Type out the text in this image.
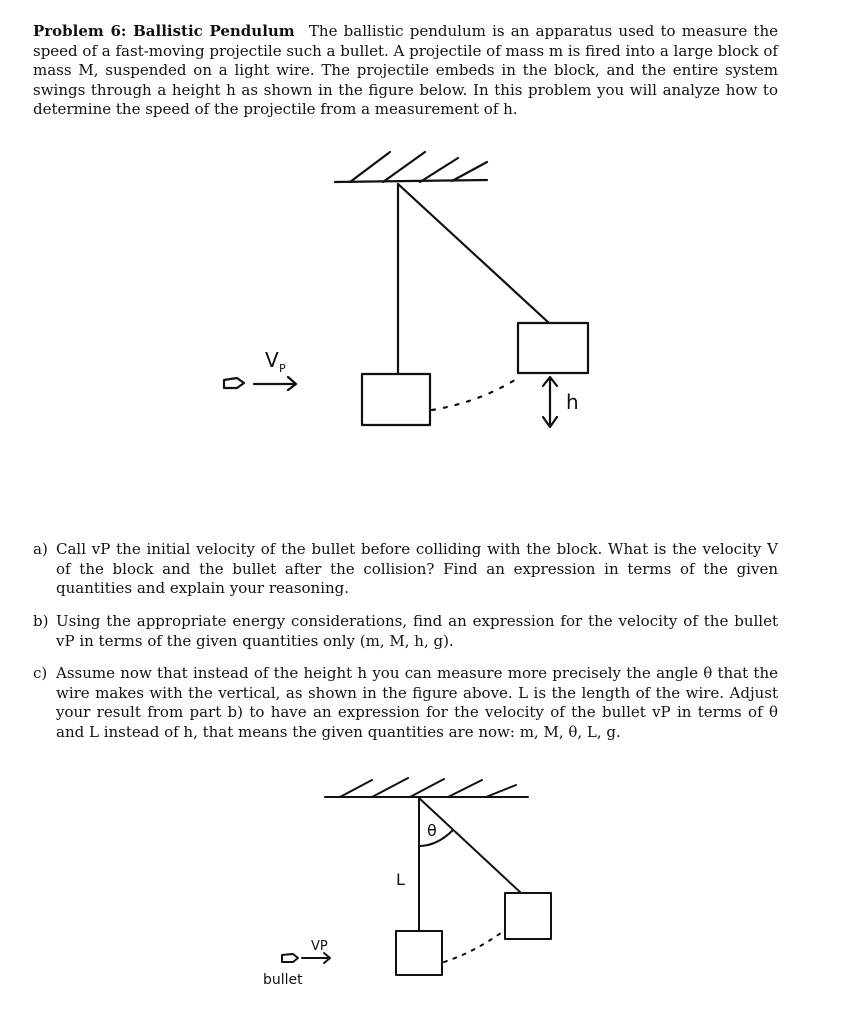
Problem 6: Ballistic Pendulum The ballistic pendulum is an apparatus used to measure the speed of a fast-moving projectile such a bullet. A projectile of mass m is fired into a large block of mass M, suspended on a light wire. The projectile embeds in the block, and the entire system swings through a height h as shown in the figure below. In this problem you will analyze how to determine the speed of the projectile from a measurement of h.
V P
h
a) Call vP the initial velocity of the bullet before colliding with the block. What is the velocity V of the block and the bullet after the collision? Find an expression in terms of the given quantities and explain your reasoning.
b) Using the appropriate energy considerations, find an expression for the velocity of the bullet vP in terms of the given quantities only (m, M, h, g).
c) Assume now that instead of the height h you can measure more precisely the angle θ that the wire makes with the vertical, as shown in the figure above. L is the length of the wire. Adjust your result from part b) to have an expression for the velocity of the bullet vP in terms of θ and L instead of h, that means the given quantities are now: m, M, θ, L, g.
θ
L
VP
bullet
